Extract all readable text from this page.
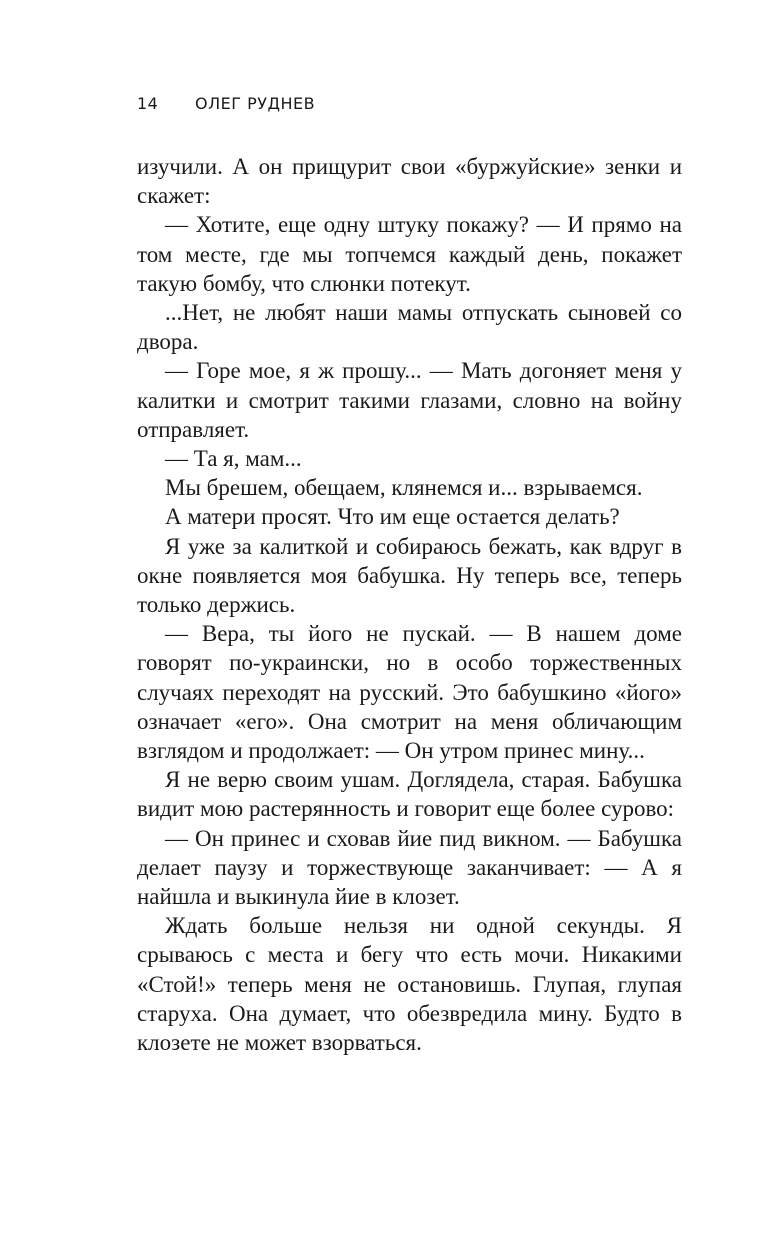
14 ОЛЕГ РУДНЕВ

изучили. А он прищурит свои «буржуйские» зенки и скажет:

— Хотите, еще одну штуку покажу? — И прямо на том месте, где мы топчемся каждый день, покажет такую бомбу, что слюнки потекут.

...Нет, не любят наши мамы отпускать сыновей со двора.

— Горе мое, я ж прошу... — Мать догоняет меня у калитки и смотрит такими глазами, словно на войну отправляет.

— Та я, мам...

Мы брешем, обещаем, клянемся и... взрываемся.

А матери просят. Что им еще остается делать?

Я уже за калиткой и собираюсь бежать, как вдруг в окне появляется моя бабушка. Ну теперь все, теперь только держись.

— Вера, ты його не пускай. — В нашем доме говорят по-украински, но в особо торжественных случаях переходят на русский. Это бабушкино «його» означает «его». Она смотрит на меня обличающим взглядом и продолжает: — Он утром принес мину...

Я не верю своим ушам. Доглядела, старая. Бабушка видит мою растерянность и говорит еще более сурово:

— Он принес и сховав йие пид викном. — Бабушка делает паузу и торжествующе заканчивает: — А я найшла и выкинула йие в клозет.

Ждать больше нельзя ни одной секунды. Я срываюсь с места и бегу что есть мочи. Никакими «Стой!» теперь меня не остановишь. Глупая, глупая старуха. Она думает, что обезвредила мину. Будто в клозете не может взорваться.
